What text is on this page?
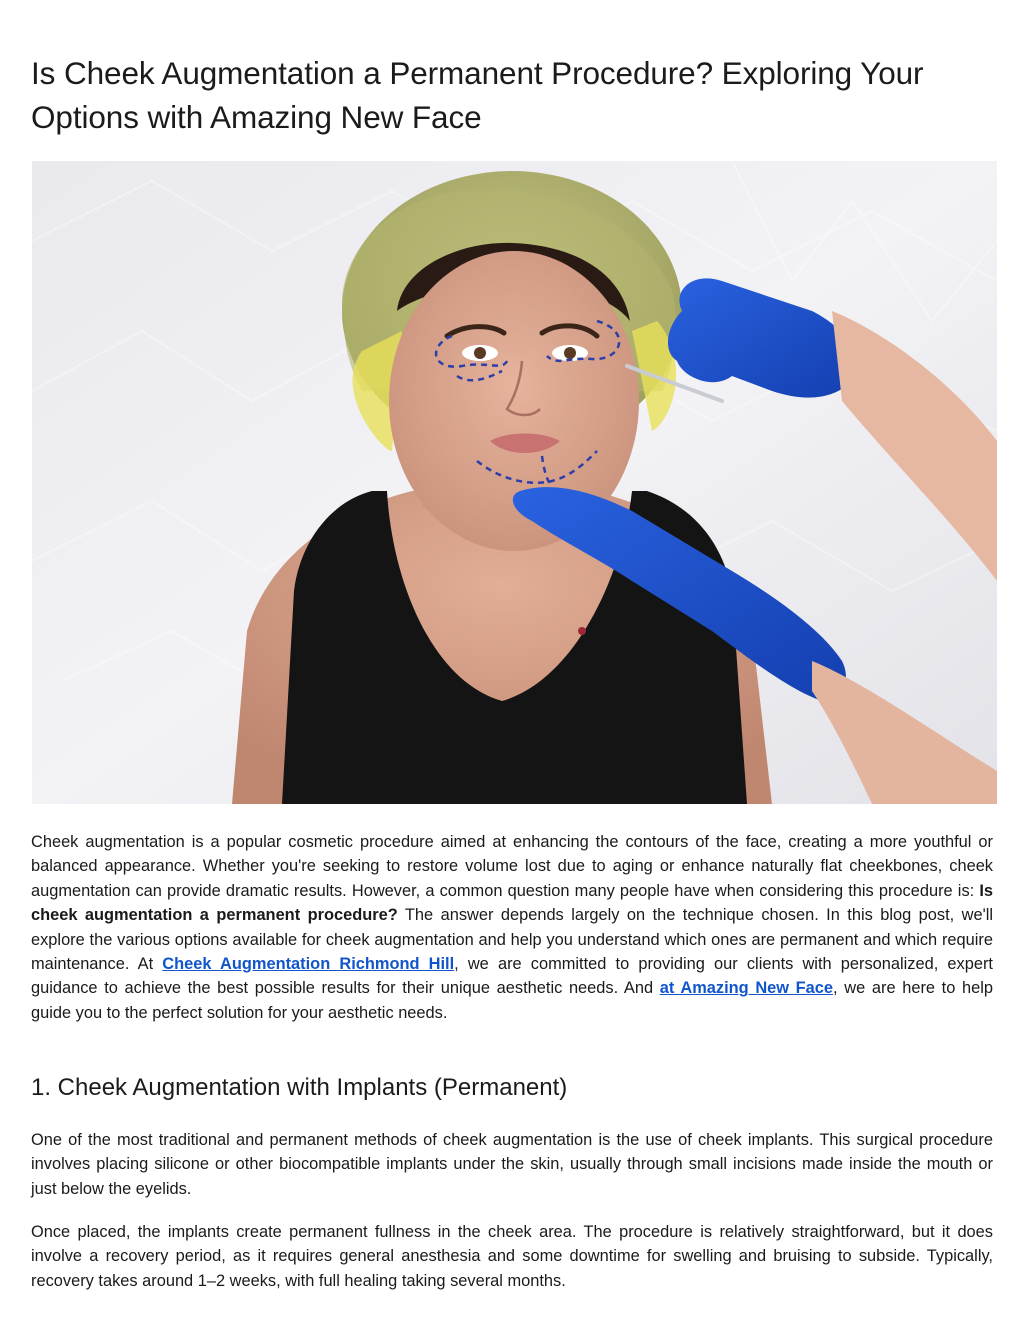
Is Cheek Augmentation a Permanent Procedure? Exploring Your Options with Amazing New Face

Cheek augmentation is a popular cosmetic procedure aimed at enhancing the contours of the face, creating a more youthful or balanced appearance. Whether you're seeking to restore volume lost due to aging or enhance naturally flat cheekbones, cheek augmentation can provide dramatic results. However, a common question many people have when considering this procedure is: Is cheek augmentation a permanent procedure? The answer depends largely on the technique chosen. In this blog post, we'll explore the various options available for cheek augmentation and help you understand which ones are permanent and which require maintenance. At Cheek Augmentation Richmond Hill, we are committed to providing our clients with personalized, expert guidance to achieve the best possible results for their unique aesthetic needs. And at Amazing New Face, we are here to help guide you to the perfect solution for your aesthetic needs.

1. Cheek Augmentation with Implants (Permanent)

One of the most traditional and permanent methods of cheek augmentation is the use of cheek implants. This surgical procedure involves placing silicone or other biocompatible implants under the skin, usually through small incisions made inside the mouth or just below the eyelids.

Once placed, the implants create permanent fullness in the cheek area. The procedure is relatively straightforward, but it does involve a recovery period, as it requires general anesthesia and some downtime for swelling and bruising to subside. Typically, recovery takes around 1–2 weeks, with full healing taking several months.
